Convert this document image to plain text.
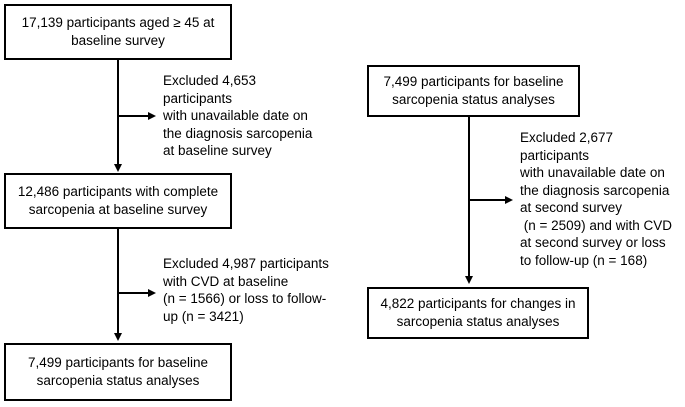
17,139 participants aged ≥ 45 at
baseline survey
Excluded 4,653
participants
with unavailable date on
the diagnosis sarcopenia
at baseline survey
12,486 participants with complete
sarcopenia at baseline survey
Excluded 4,987 participants
with CVD at baseline
(n = 1566) or loss to follow-
up (n = 3421)
7,499 participants for baseline
sarcopenia status analyses
7,499 participants for baseline
sarcopenia status analyses
Excluded 2,677
participants
with unavailable date on
the diagnosis sarcopenia
at second survey
(n = 2509) and with CVD
at second survey or loss
to follow-up (n = 168)
4,822 participants for changes in
sarcopenia status analyses
